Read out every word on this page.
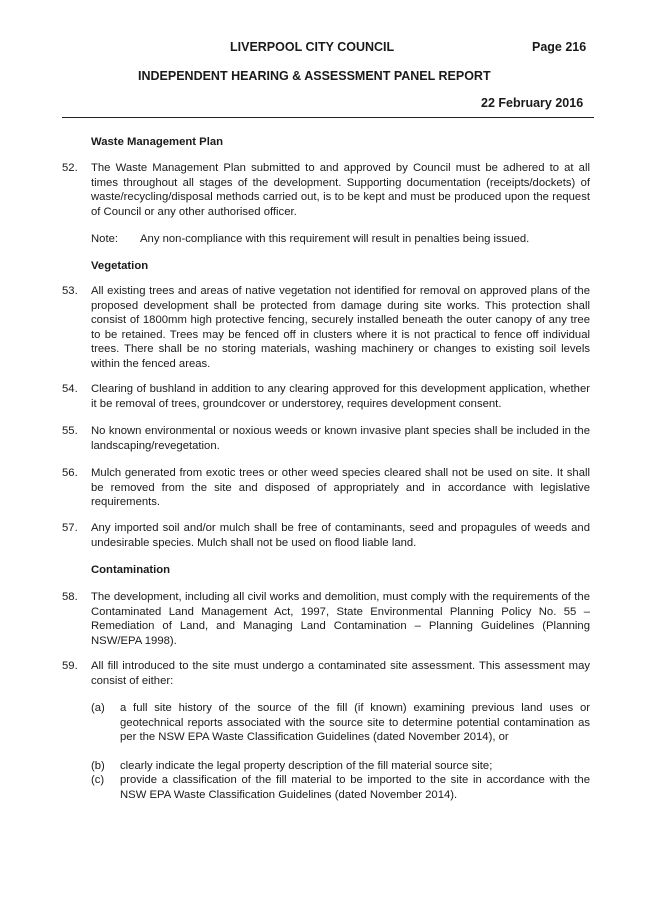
LIVERPOOL CITY COUNCIL	Page 216
INDEPENDENT HEARING & ASSESSMENT PANEL REPORT
22 February 2016
Waste Management Plan
52. The Waste Management Plan submitted to and approved by Council must be adhered to at all times throughout all stages of the development. Supporting documentation (receipts/dockets) of waste/recycling/disposal methods carried out, is to be kept and must be produced upon the request of Council or any other authorised officer.

Note: Any non-compliance with this requirement will result in penalties being issued.
Vegetation
53. All existing trees and areas of native vegetation not identified for removal on approved plans of the proposed development shall be protected from damage during site works. This protection shall consist of 1800mm high protective fencing, securely installed beneath the outer canopy of any tree to be retained. Trees may be fenced off in clusters where it is not practical to fence off individual trees. There shall be no storing materials, washing machinery or changes to existing soil levels within the fenced areas.

54. Clearing of bushland in addition to any clearing approved for this development application, whether it be removal of trees, groundcover or understorey, requires development consent.

55. No known environmental or noxious weeds or known invasive plant species shall be included in the landscaping/revegetation.

56. Mulch generated from exotic trees or other weed species cleared shall not be used on site. It shall be removed from the site and disposed of appropriately and in accordance with legislative requirements.

57. Any imported soil and/or mulch shall be free of contaminants, seed and propagules of weeds and undesirable species. Mulch shall not be used on flood liable land.

Contamination
58. The development, including all civil works and demolition, must comply with the requirements of the Contaminated Land Management Act, 1997, State Environmental Planning Policy No. 55 – Remediation of Land, and Managing Land Contamination – Planning Guidelines (Planning NSW/EPA 1998).

59. All fill introduced to the site must undergo a contaminated site assessment. This assessment may consist of either:

(a) a full site history of the source of the fill (if known) examining previous land uses or geotechnical reports associated with the source site to determine potential contamination as per the NSW EPA Waste Classification Guidelines (dated November 2014), or

(b) clearly indicate the legal property description of the fill material source site;

(c) provide a classification of the fill material to be imported to the site in accordance with the NSW EPA Waste Classification Guidelines (dated November 2014).
